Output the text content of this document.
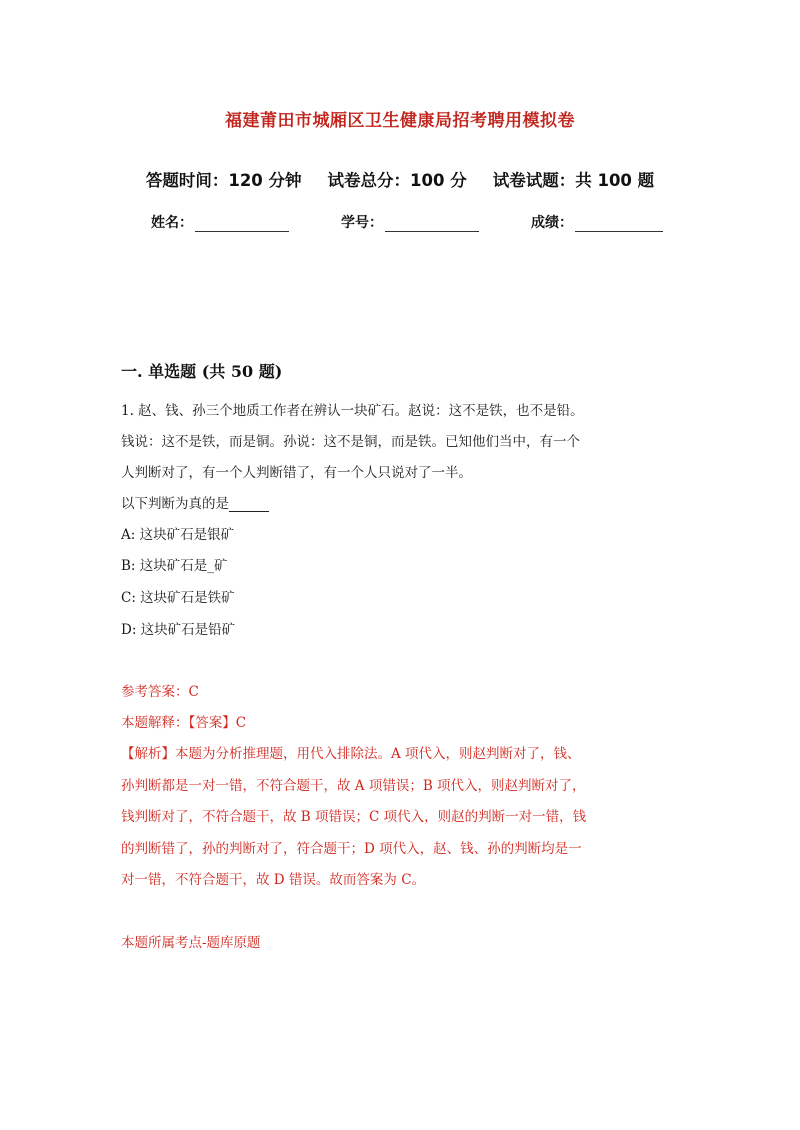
福建莆田市城厢区卫生健康局招考聘用模拟卷
答题时间：120 分钟 试卷总分：100 分 试卷试题：共 100 题
姓名：	学号：	成绩：
一. 单选题 (共 50 题)
1. 赵、钱、孙三个地质工作者在辨认一块矿石。赵说：这不是铁，也不是铅。
钱说：这不是铁，而是铜。孙说：这不是铜，而是铁。已知他们当中，有一个
人判断对了，有一个人判断错了，有一个人只说对了一半。
以下判断为真的是
A: 这块矿石是银矿
B: 这块矿石是_矿
C: 这块矿石是铁矿
D: 这块矿石是铅矿
参考答案：C
本题解释：【答案】C
【解析】本题为分析推理题，用代入排除法。A 项代入，则赵判断对了，钱、
孙判断都是一对一错，不符合题干，故 A 项错误；B 项代入，则赵判断对了，
钱判断对了，不符合题干，故 B 项错误；C 项代入，则赵的判断一对一错，钱
的判断错了，孙的判断对了，符合题干；D 项代入，赵、钱、孙的判断均是一
对一错，不符合题干，故 D 错误。故而答案为 C。
本题所属考点-题库原题
